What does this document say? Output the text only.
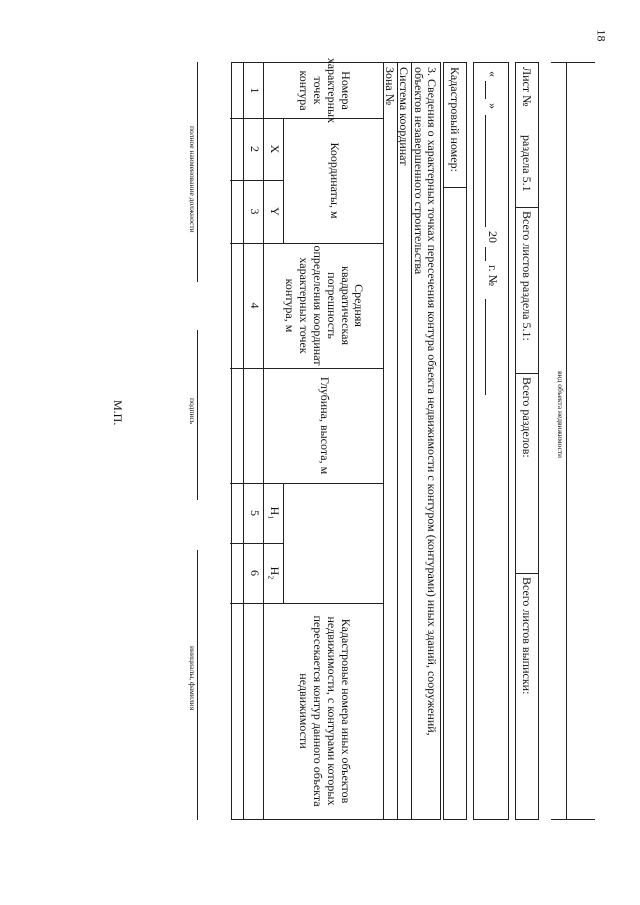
18
вид объекта недвижимости
Лист №
раздела 5.1
Всего листов раздела 5.1:
Всего разделов:
Всего листов выписки:
«
»
20
г. №
Кадастровый номер:
3. Сведения о характерных точках пересечения контура объекта недвижимости с контуром (контурами) иных зданий, сооружений,
объектов незавершенного строительства
Система координат
Зона №
Номера характерных точек контура
Координаты, м
X
Y
Средняя квадратическая погрешность определения координат характерных точек контура, м
Глубина, высота, м
H₁
H₂
Кадастровые номера иных объектов недвижимости, с контурами которых пересекается контур данного объекта недвижимости
1
2
3
4
5
6
полное наименование должности
подпись
инициалы, фамилия
М.П.
